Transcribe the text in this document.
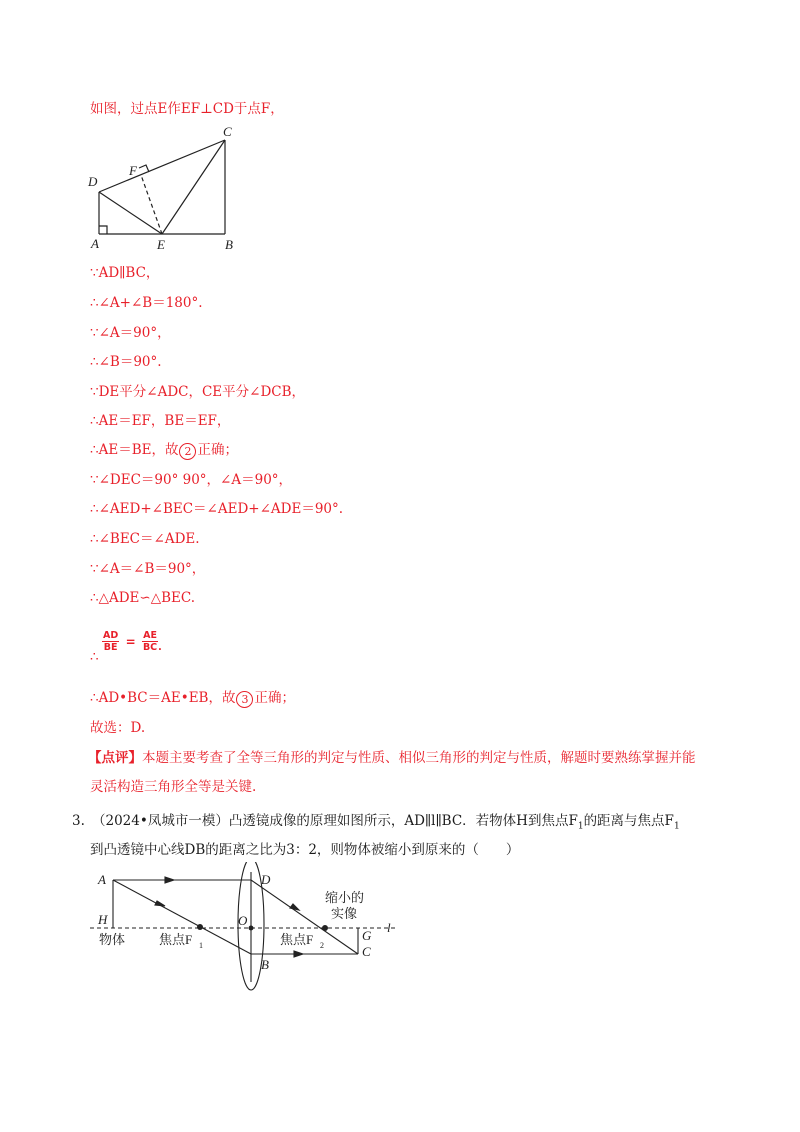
如图，过点E作EF⊥CD于点F，
C
F
D
A	E	B
∵AD∥BC，
∴∠A+∠B＝180°.
∵∠A＝90°，
∴∠B＝90°.
∵DE平分∠ADC，CE平分∠DCB，
∴AE＝EF，BE＝EF，
∴AE＝BE，故 2 正确；
∵∠DEC＝90° 90°，∠A＝90°，
∴∠AED+∠BEC＝∠AED+∠ADE＝90°.
∴∠BEC＝∠ADE.
∵∠A＝∠B＝90°，
∴△ADE∽△BEC.
∴
$\frac{AD}{BE} = \frac{AE}{BC}$ .
∴AD•BC＝AE•EB，故 3 正确；
故选：D.
【点评】本题主要考查了全等三角形的判定与性质、相似三角形的判定与性质，解题时要熟练掌握并能
灵活构造三角形全等是关键.
3. （2024•凤城市一模）凸透镜成像的原理如图所示，AD∥l∥BC．若物体H到焦点$F_1$的距离与焦点$F_1$
到凸透镜中心线DB的距离之比为3：2，则物体被缩小到原来的（　　）
A	D
H	O
G
C
B
l
物体	焦点F 1	焦点F 2
缩小的
实像
